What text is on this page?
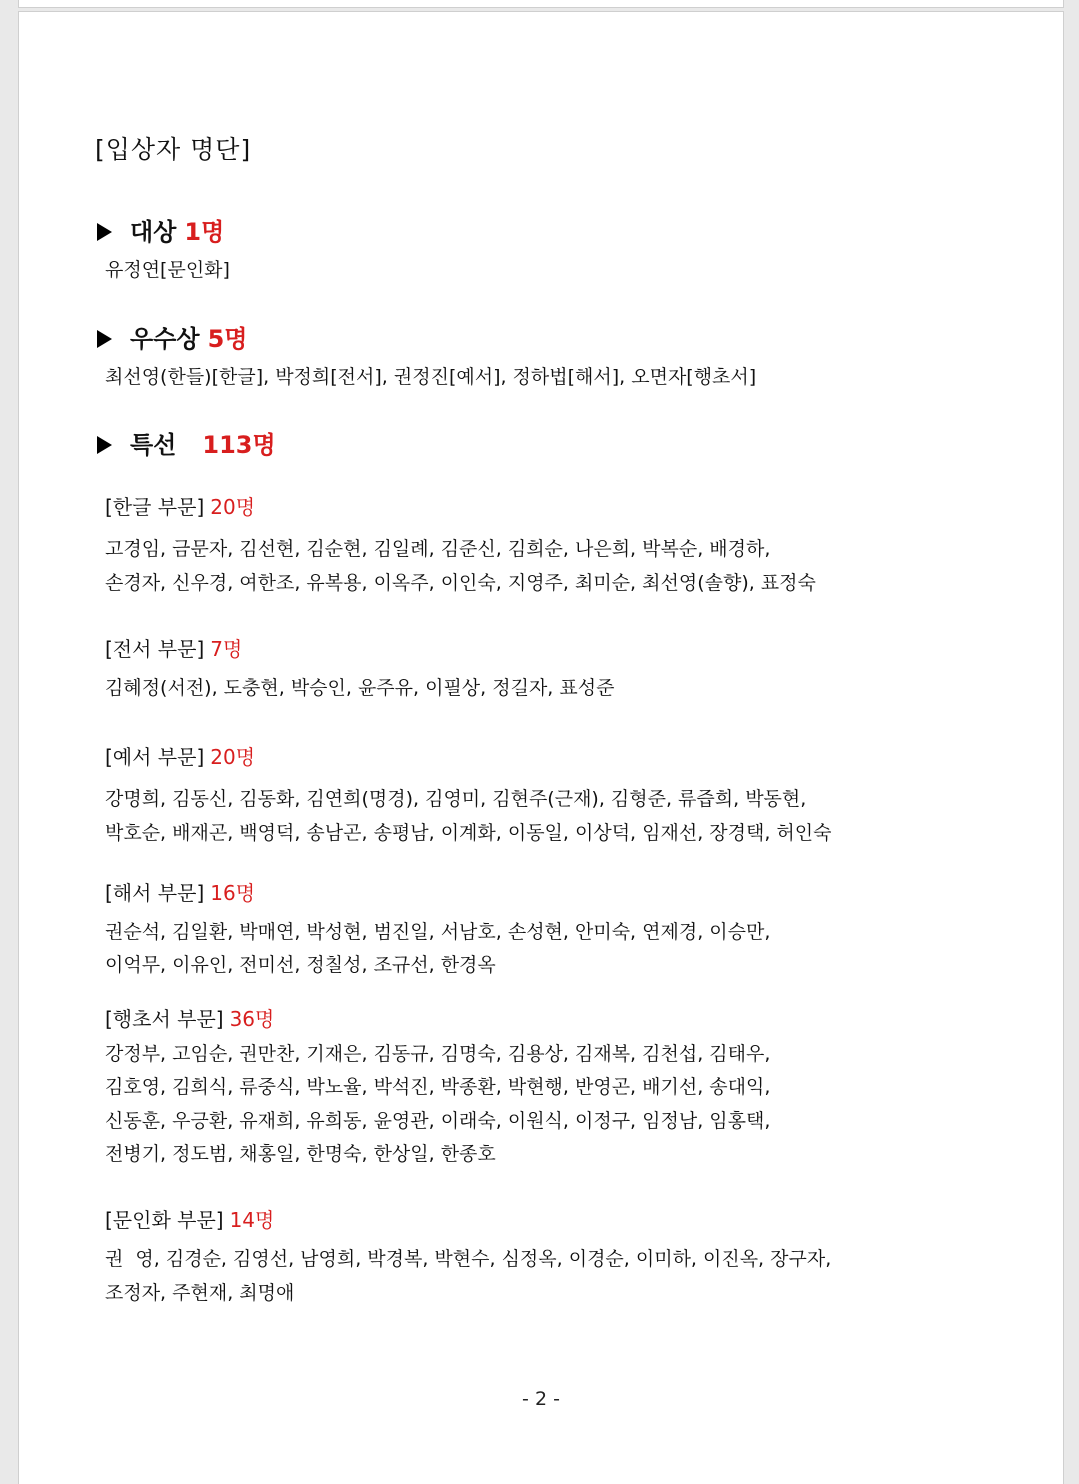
[입상자 명단]
대상 1명
유정연[문인화]
우수상 5명
최선영(한들)[한글], 박정희[전서], 권정진[예서], 정하법[해서], 오면자[행초서]
특선 113명
[한글 부문] 20명
고경임, 금문자, 김선현, 김순현, 김일례, 김준신, 김희순, 나은희, 박복순, 배경하,
손경자, 신우경, 여한조, 유복용, 이옥주, 이인숙, 지영주, 최미순, 최선영(솔향), 표정숙
[전서 부문] 7명
김혜정(서전), 도충현, 박승인, 윤주유, 이필상, 정길자, 표성준
[예서 부문] 20명
강명희, 김동신, 김동화, 김연희(명경), 김영미, 김현주(근재), 김형준, 류즙희, 박동현,
박호순, 배재곤, 백영덕, 송남곤, 송평남, 이계화, 이동일, 이상덕, 임재선, 장경택, 허인숙
[해서 부문] 16명
권순석, 김일환, 박매연, 박성현, 범진일, 서남호, 손성현, 안미숙, 연제경, 이승만,
이억무, 이유인, 전미선, 정칠성, 조규선, 한경옥
[행초서 부문] 36명
강정부, 고임순, 권만찬, 기재은, 김동규, 김명숙, 김용상, 김재복, 김천섭, 김태우,
김호영, 김희식, 류중식, 박노율, 박석진, 박종환, 박현행, 반영곤, 배기선, 송대익,
신동훈, 우긍환, 유재희, 유희동, 윤영관, 이래숙, 이원식, 이정구, 임정남, 임홍택,
전병기, 정도범, 채홍일, 한명숙, 한상일, 한종호
[문인화 부문] 14명
권  영, 김경순, 김영선, 남영희, 박경복, 박현수, 심정옥, 이경순, 이미하, 이진옥, 장구자,
조정자, 주현재, 최명애
- 2 -
